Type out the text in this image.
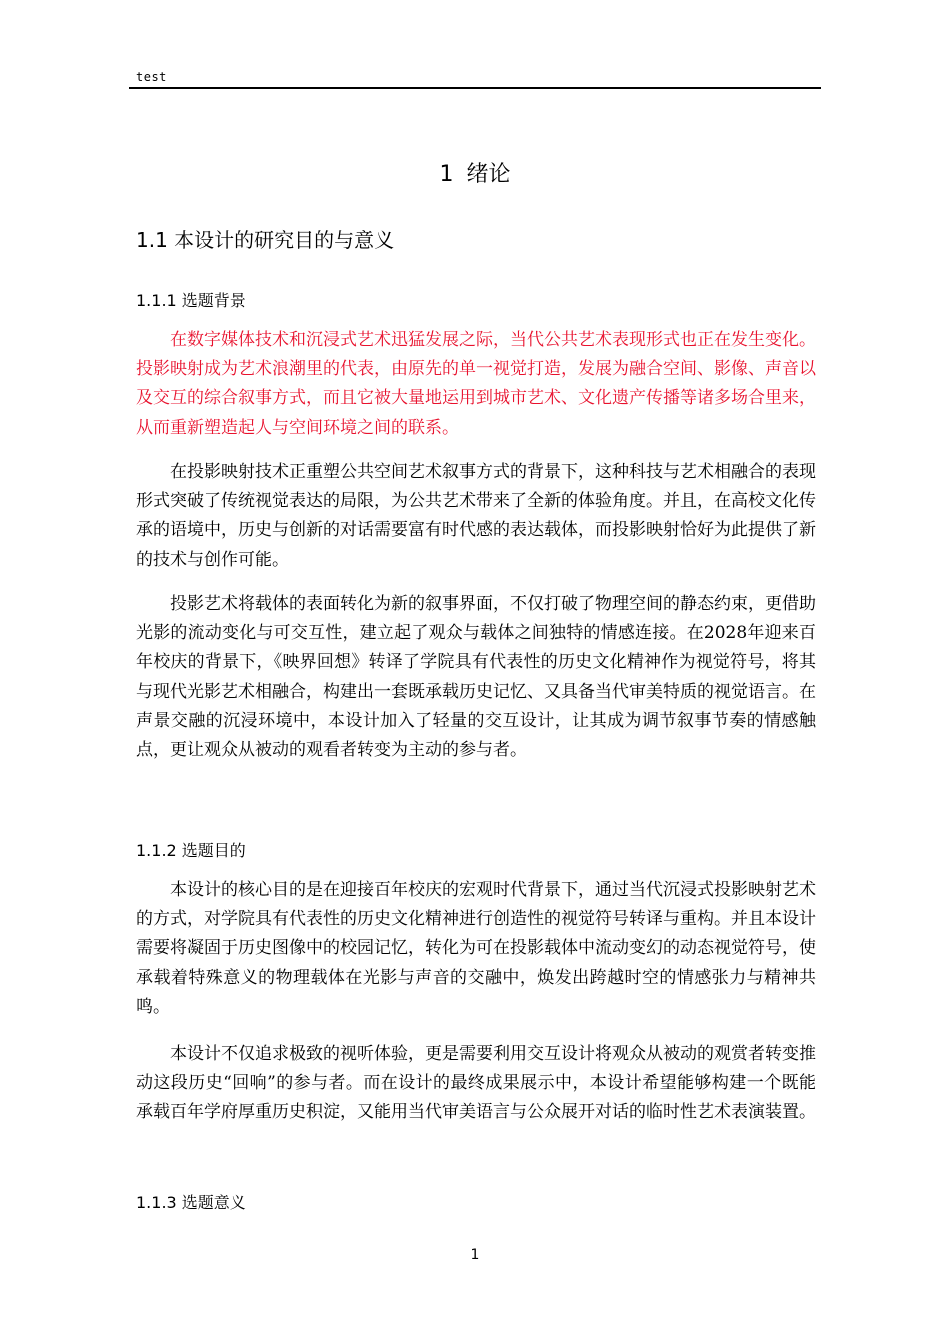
test
1 绪论
1.1 本设计的研究目的与意义
1.1.1 选题背景

在数字媒体技术和沉浸式艺术迅猛发展之际，当代公共艺术表现形式也正在发生变化。投影映射成为艺术浪潮里的代表，由原先的单一视觉打造，发展为融合空间、影像、声音以及交互的综合叙事方式，而且它被大量地运用到城市艺术、文化遗产传播等诸多场合里来，从而重新塑造起人与空间环境之间的联系。

在投影映射技术正重塑公共空间艺术叙事方式的背景下，这种科技与艺术相融合的表现形式突破了传统视觉表达的局限，为公共艺术带来了全新的体验角度。并且，在高校文化传承的语境中，历史与创新的对话需要富有时代感的表达载体，而投影映射恰好为此提供了新的技术与创作可能。

投影艺术将载体的表面转化为新的叙事界面，不仅打破了物理空间的静态约束，更借助光影的流动变化与可交互性，建立起了观众与载体之间独特的情感连接。在2028年迎来百年校庆的背景下，《映界回想》转译了学院具有代表性的历史文化精神作为视觉符号，将其与现代光影艺术相融合，构建出一套既承载历史记忆、又具备当代审美特质的视觉语言。在声景交融的沉浸环境中，本设计加入了轻量的交互设计，让其成为调节叙事节奏的情感触点，更让观众从被动的观看者转变为主动的参与者。

1.1.2 选题目的

本设计的核心目的是在迎接百年校庆的宏观时代背景下，通过当代沉浸式投影映射艺术的方式，对学院具有代表性的历史文化精神进行创造性的视觉符号转译与重构。并且本设计需要将凝固于历史图像中的校园记忆，转化为可在投影载体中流动变幻的动态视觉符号，使承载着特殊意义的物理载体在光影与声音的交融中，焕发出跨越时空的情感张力与精神共鸣。

本设计不仅追求极致的视听体验，更是需要利用交互设计将观众从被动的观赏者转变推动这段历史“回响”的参与者。而在设计的最终成果展示中，本设计希望能够构建一个既能承载百年学府厚重历史积淀，又能用当代审美语言与公众展开对话的临时性艺术表演装置。

1.1.3 选题意义
1
